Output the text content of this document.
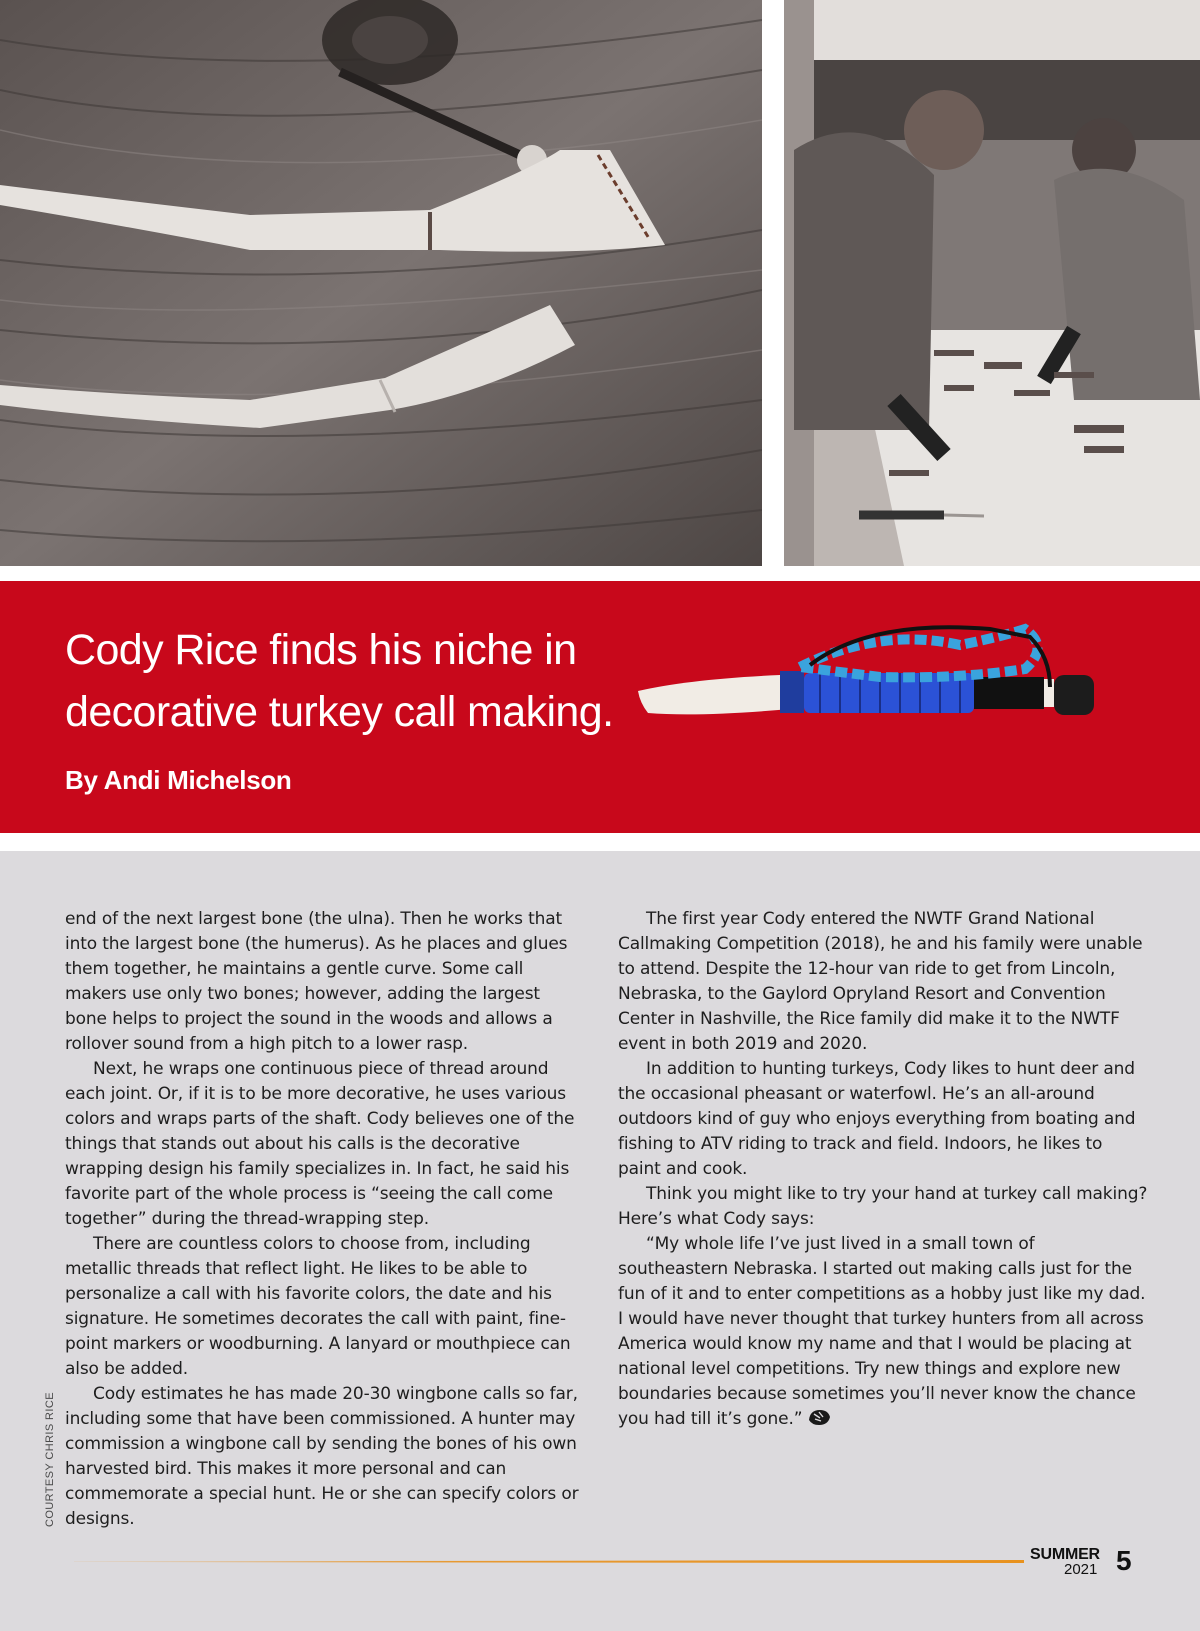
Cody Rice finds his niche in decorative turkey call making.
By Andi Michelson

end of the next largest bone (the ulna). Then he works that into the largest bone (the humerus). As he places and glues them together, he maintains a gentle curve. Some call makers use only two bones; however, adding the largest bone helps to project the sound in the woods and allows a rollover sound from a high pitch to a lower rasp.

Next, he wraps one continuous piece of thread around each joint. Or, if it is to be more decorative, he uses various colors and wraps parts of the shaft. Cody believes one of the things that stands out about his calls is the decorative wrapping design his family specializes in. In fact, he said his favorite part of the whole process is “seeing the call come together” during the thread-wrapping step.

There are countless colors to choose from, including metallic threads that reflect light. He likes to be able to personalize a call with his favorite colors, the date and his signature. He sometimes decorates the call with paint, fine-point markers or woodburning. A lanyard or mouthpiece can also be added.

Cody estimates he has made 20-30 wingbone calls so far, including some that have been commissioned. A hunter may commission a wingbone call by sending the bones of his own harvested bird. This makes it more personal and can commemorate a special hunt. He or she can specify colors or designs.

The first year Cody entered the NWTF Grand National Callmaking Competition (2018), he and his family were unable to attend. Despite the 12-hour van ride to get from Lincoln, Nebraska, to the Gaylord Opryland Resort and Convention Center in Nashville, the Rice family did make it to the NWTF event in both 2019 and 2020.

In addition to hunting turkeys, Cody likes to hunt deer and the occasional pheasant or waterfowl. He’s an all-around outdoors kind of guy who enjoys everything from boating and fishing to ATV riding to track and field. Indoors, he likes to paint and cook.

Think you might like to try your hand at turkey call making? Here’s what Cody says:

“My whole life I’ve just lived in a small town of southeastern Nebraska. I started out making calls just for the fun of it and to enter competitions as a hobby just like my dad. I would have never thought that turkey hunters from all across America would know my name and that I would be placing at national level competitions. Try new things and explore new boundaries because sometimes you’ll never know the chance you had till it’s gone.”

COURTESY CHRIS RICE
SUMMER
2021 5
